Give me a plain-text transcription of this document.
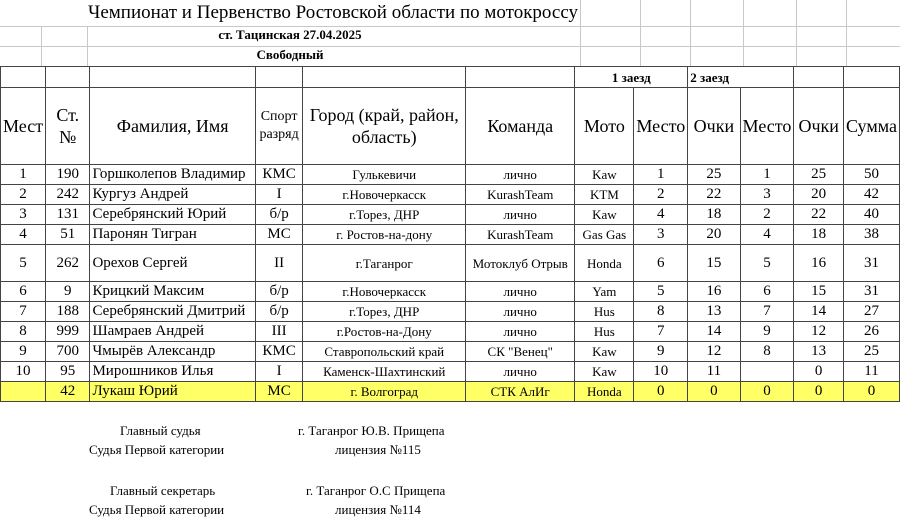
Чемпионат и Первенство Ростовской области по мотокроссу
ст. Тацинская 27.04.2025
Свободный
						1 заезд		2 заезд			
Мест	Ст. №	Фамилия, Имя	Спорт разряд	Город (край, район, область)	Команда	Мото	Место	Очки	Место	Очки	Сумма
1	190	Горшколепов Владимир	КМС	Гулькевичи	лично	Kaw	1	25	1	25	50
2	242	Кургуз Андрей	I	г.Новочеркасск	KurashTeam	KTM	2	22	3	20	42
3	131	Серебрянский Юрий	б/р	г.Торез, ДНР	лично	Kaw	4	18	2	22	40
4	51	Паронян Тигран	МС	г. Ростов-на-дону	KurashTeam	Gas Gas	3	20	4	18	38
5	262	Орехов Сергей	II	г.Таганрог	Мотоклуб Отрыв	Honda	6	15	5	16	31
6	9	Крицкий Максим	б/р	г.Новочеркасск	лично	Yam	5	16	6	15	31
7	188	Серебрянский Дмитрий	б/р	г.Торез, ДНР	лично	Hus	8	13	7	14	27
8	999	Шамраев Андрей	III	г.Ростов-на-Дону	лично	Hus	7	14	9	12	26
9	700	Чмырёв Александр	КМС	Ставропольский край	СК "Венец"	Kaw	9	12	8	13	25
10	95	Мирошников Илья	I	Каменск-Шахтинский	лично	Kaw	10	11		0	11
	42	Лукаш Юрий	МС	г. Волгоград	СТК АлИг	Honda	0	0	0	0	0
Главный судья	г. Таганрог Ю.В. Прищепа
Судья Первой категории	лицензия №115
Главный секретарь	г. Таганрог О.С Прищепа
Судья Первой категории	лицензия №114
